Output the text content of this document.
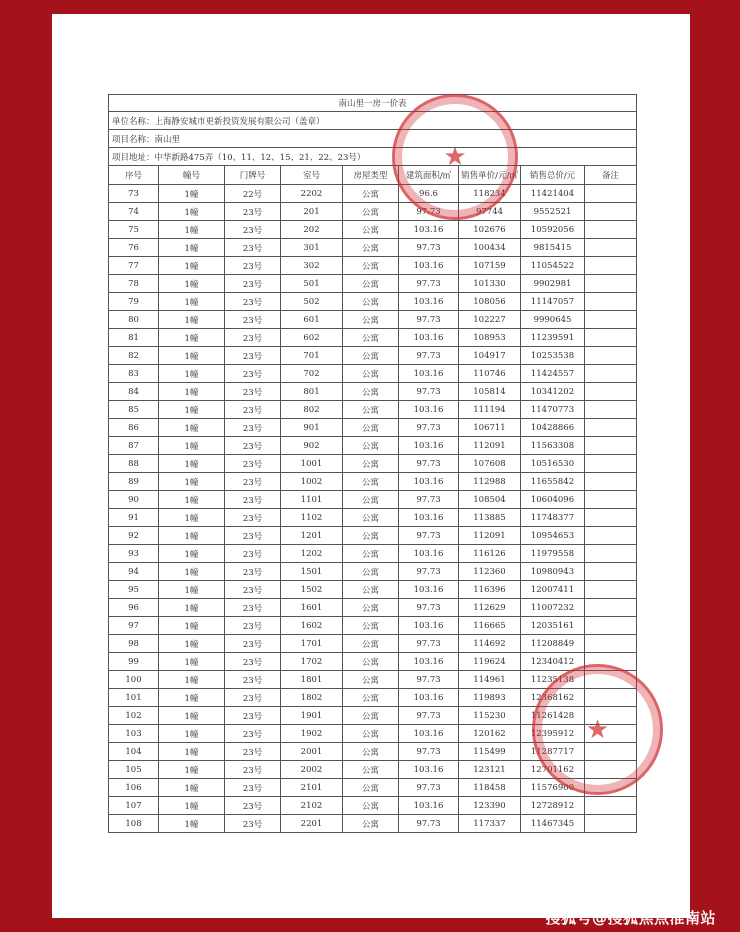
南山里一房一价表								
单位名称：上海静安城市更新投资发展有限公司（盖章）								
项目名称：南山里								
项目地址：中华新路475弄（10、11、12、15、21、22、23号）								
序号	幢号	门牌号	室号	房屋类型	建筑面积/㎡	销售单价/元/㎡	销售总价/元	备注
73	1幢	22号	2202	公寓	96.6	118234	11421404	
74	1幢	23号	201	公寓	97.73	97744	9552521	
75	1幢	23号	202	公寓	103.16	102676	10592056	
76	1幢	23号	301	公寓	97.73	100434	9815415	
77	1幢	23号	302	公寓	103.16	107159	11054522	
78	1幢	23号	501	公寓	97.73	101330	9902981	
79	1幢	23号	502	公寓	103.16	108056	11147057	
80	1幢	23号	601	公寓	97.73	102227	9990645	
81	1幢	23号	602	公寓	103.16	108953	11239591	
82	1幢	23号	701	公寓	97.73	104917	10253538	
83	1幢	23号	702	公寓	103.16	110746	11424557	
84	1幢	23号	801	公寓	97.73	105814	10341202	
85	1幢	23号	802	公寓	103.16	111194	11470773	
86	1幢	23号	901	公寓	97.73	106711	10428866	
87	1幢	23号	902	公寓	103.16	112091	11563308	
88	1幢	23号	1001	公寓	97.73	107608	10516530	
89	1幢	23号	1002	公寓	103.16	112988	11655842	
90	1幢	23号	1101	公寓	97.73	108504	10604096	
91	1幢	23号	1102	公寓	103.16	113885	11748377	
92	1幢	23号	1201	公寓	97.73	112091	10954653	
93	1幢	23号	1202	公寓	103.16	116126	11979558	
94	1幢	23号	1501	公寓	97.73	112360	10980943	
95	1幢	23号	1502	公寓	103.16	116396	12007411	
96	1幢	23号	1601	公寓	97.73	112629	11007232	
97	1幢	23号	1602	公寓	103.16	116665	12035161	
98	1幢	23号	1701	公寓	97.73	114692	11208849	
99	1幢	23号	1702	公寓	103.16	119624	12340412	
100	1幢	23号	1801	公寓	97.73	114961	11235138	
101	1幢	23号	1802	公寓	103.16	119893	12368162	
102	1幢	23号	1901	公寓	97.73	115230	11261428	
103	1幢	23号	1902	公寓	103.16	120162	12395912	
104	1幢	23号	2001	公寓	97.73	115499	11287717	
105	1幢	23号	2002	公寓	103.16	123121	12701162	
106	1幢	23号	2101	公寓	97.73	118458	11576900	
107	1幢	23号	2102	公寓	103.16	123390	12728912	
108	1幢	23号	2201	公寓	97.73	117337	11467345	
★
★
搜狐号@搜狐焦点淮南站
